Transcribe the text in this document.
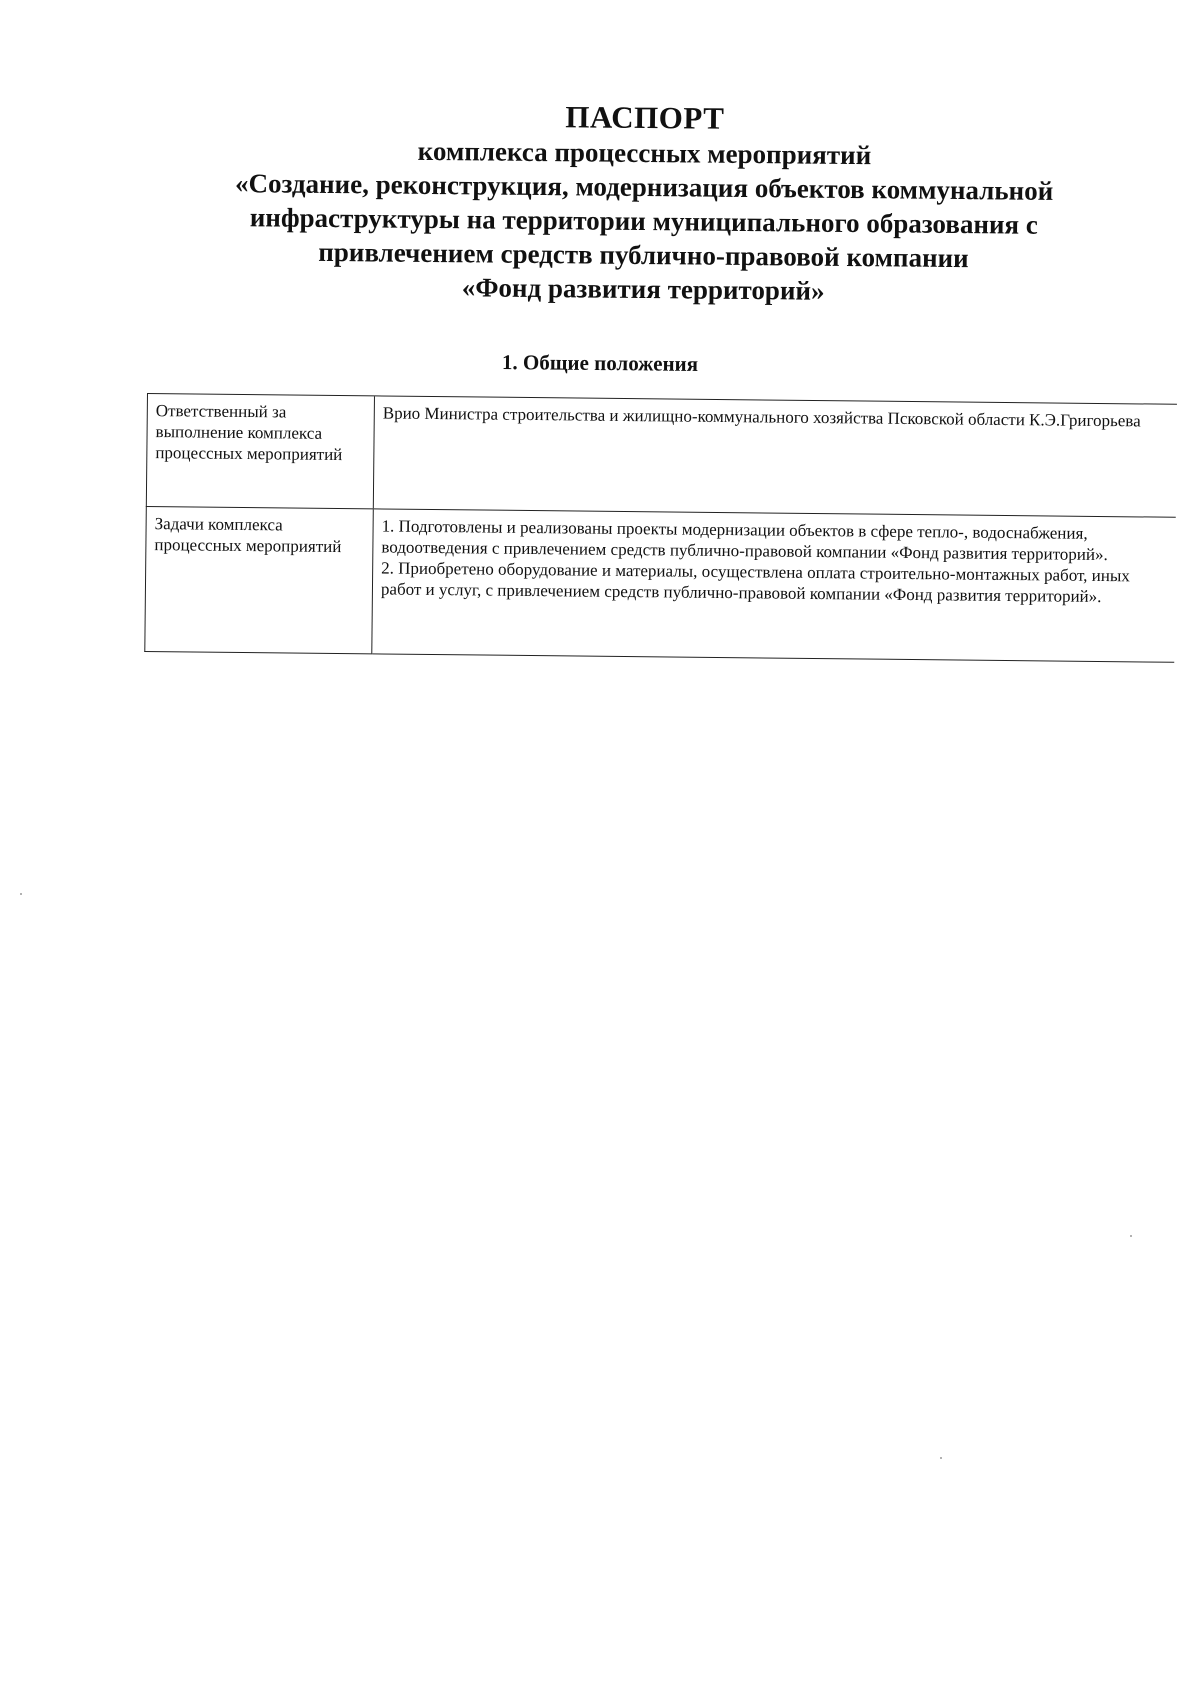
ПАСПОРТ

комплекса процессных мероприятий

«Создание, реконструкция, модернизация объектов коммунальной

инфраструктуры на территории муниципального образования с

привлечением средств публично-правовой компании

«Фонд развития территорий»

1. Общие положения
Ответственный за выполнение комплекса процессных мероприятий	Врио Министра строительства и жилищно-коммунального хозяйства Псковской области К.Э.Григорьева
Задачи комплекса процессных мероприятий	1. Подготовлены и реализованы проекты модернизации объектов в сфере тепло-, водоснабжения, водоотведения с привлечением средств публично-правовой компании «Фонд развития территорий».
2. Приобретено оборудование и материалы, осуществлена оплата строительно-монтажных работ, иных работ и услуг, с привлечением средств публично-правовой компании «Фонд развития территорий».
